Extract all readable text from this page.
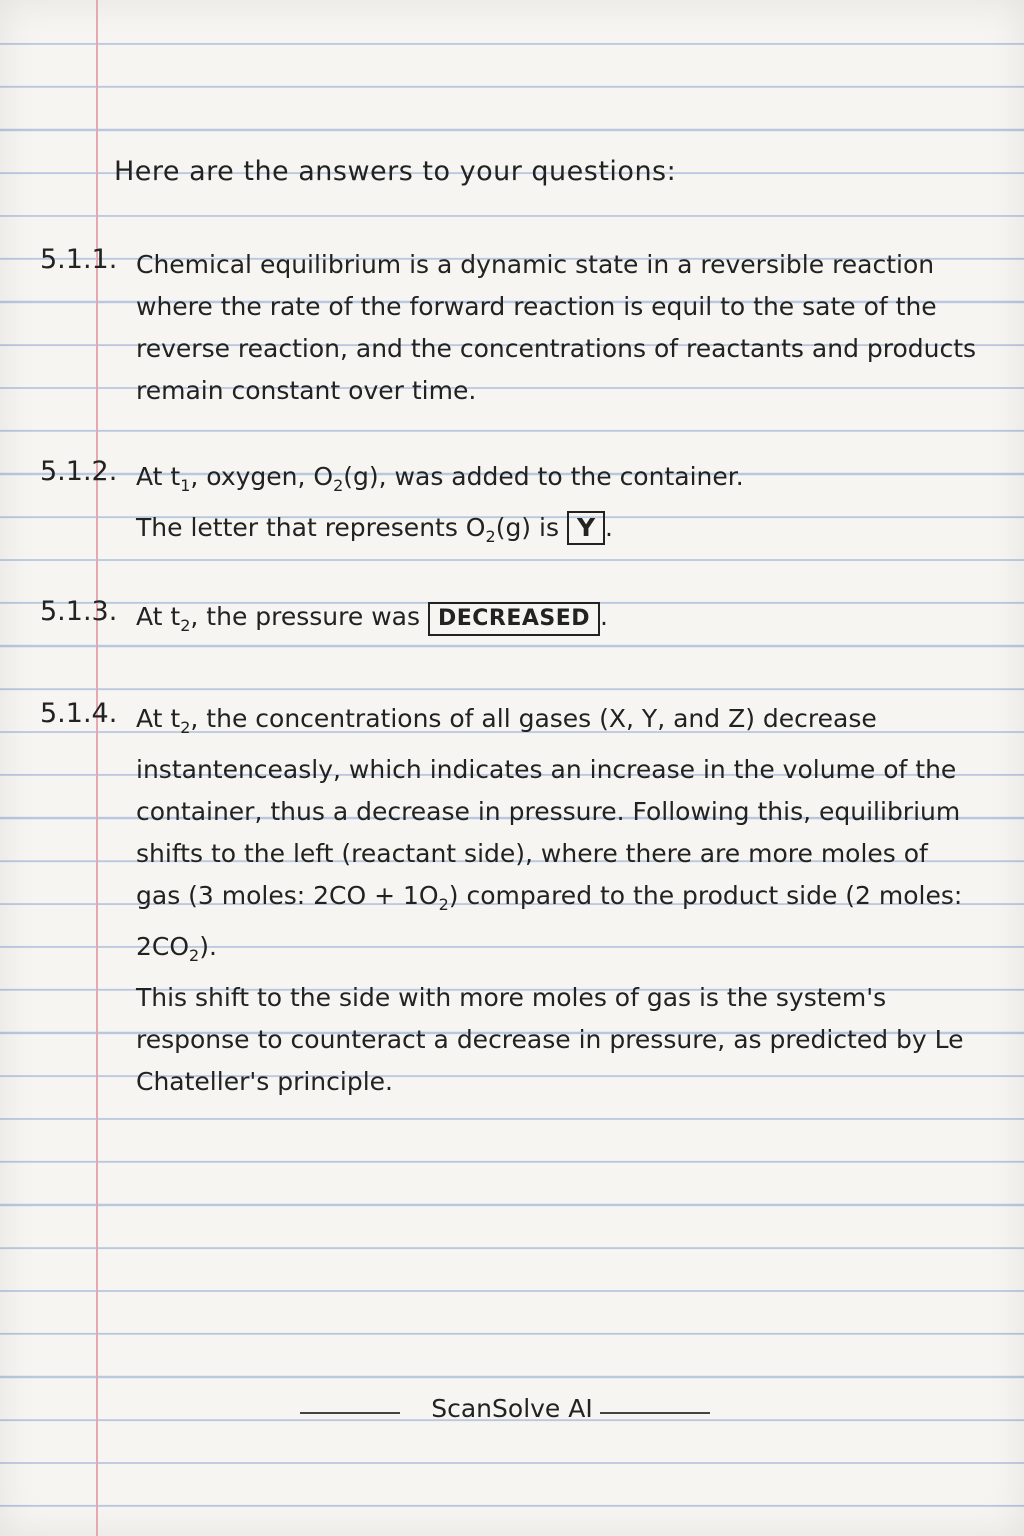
Here are the answers to your questions:
5.1.1. Chemical equilibrium is a dynamic state in a reversible reaction where the rate of the forward reaction is equil to the sate of the reverse reaction, and the concentrations of reactants and products remain constant over time.

5.1.2. At $t_1$, oxygen, $O_2(g)$, was added to the container.

The letter that represents $O_2(g)$ is Y .

5.1.3. At $t_2$, the pressure was DECREASED .

5.1.4. At $t_2$, the concentrations of all gases (X, Y, and Z) decrease instantenceasly, which indicates an increase in the volume of the container, thus a decrease in pressure. Following this, equilibrium shifts to the left (reactant side), where there are more moles of gas (3 moles: $2CO + 1O_2$) compared to the product side (2 moles: $2CO_2$).

This shift to the side with more moles of gas is the system's response to counteract a decrease in pressure, as predicted by Le Chateller's principle.

ScanSolve AI
